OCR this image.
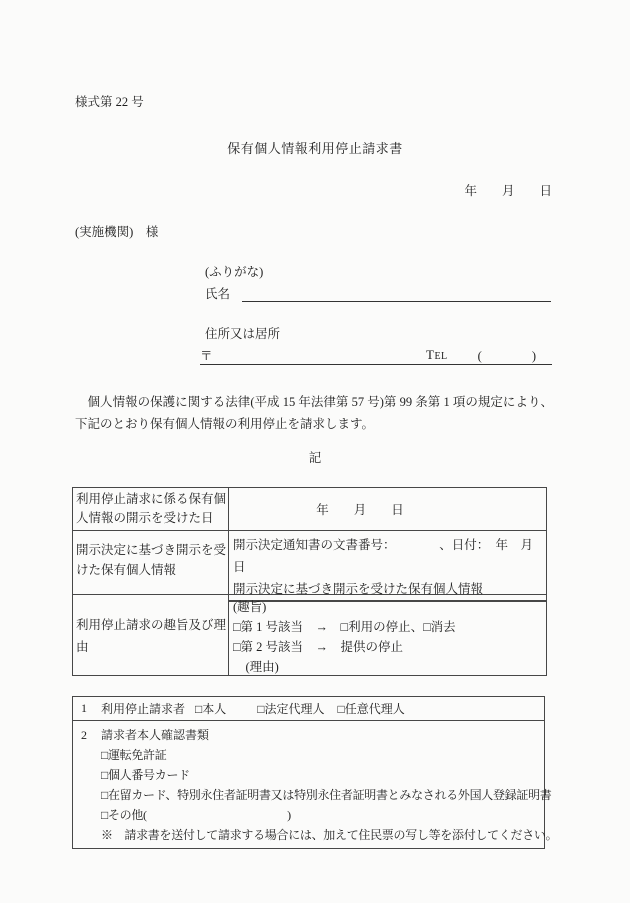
様式第 22 号
保有個人情報利用停止請求書
年　　月　　日
(実施機関)　様
(ふりがな)
氏名
住所又は居所
〒	TEL (　　　　)
　個人情報の保護に関する法律(平成 15 年法律第 57 号)第 99 条第 1 項の規定により、下記のとおり保有個人情報の利用停止を請求します。
記
利用停止請求に係る保有個人情報の開示を受けた日
年　　月　　日
開示決定に基づき開示を受けた保有個人情報
開示決定通知書の文書番号：　　　　、日付：　年　月　日
開示決定に基づき開示を受けた保有個人情報
利用停止請求の趣旨及び理由
(趣旨)
□第 1 号該当　→　□利用の停止、□消去
□第 2 号該当　→　提供の停止
　(理由)
1 利用停止請求者 □本人	□法定代理人 □任意代理人
2 請求者本人確認書類
□運転免許証
□個人番号カード
□在留カード、特別永住者証明書又は特別永住者証明書とみなされる外国人登録証明書
□その他(　　　　　　　　　　　　)
※　請求書を送付して請求する場合には、加えて住民票の写し等を添付してください。
